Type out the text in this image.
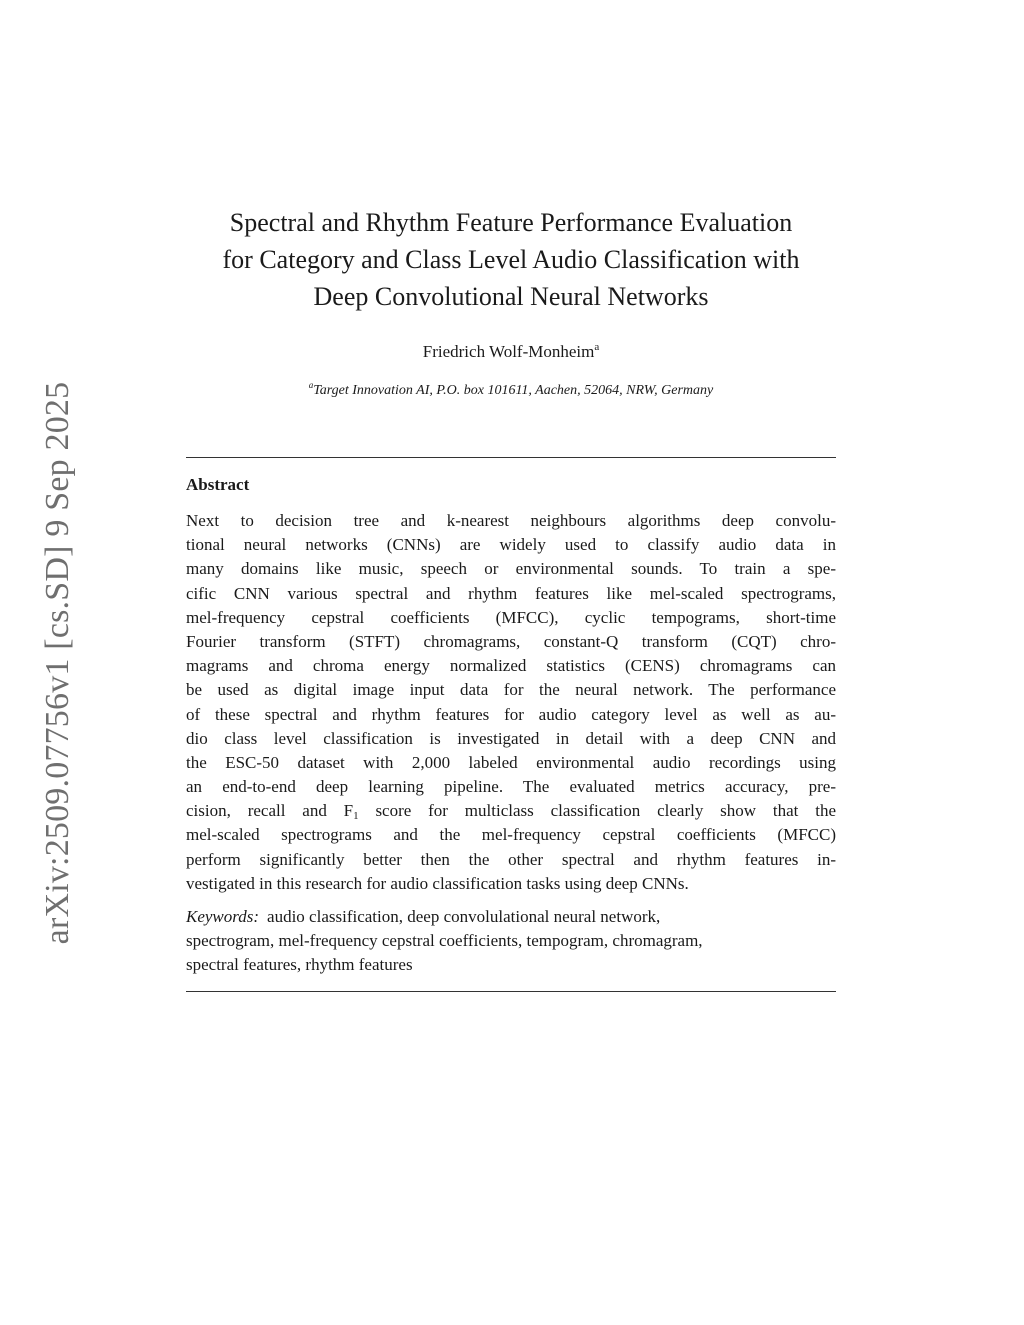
arXiv:2509.07756v1 [cs.SD] 9 Sep 2025
Spectral and Rhythm Feature Performance Evaluation
for Category and Class Level Audio Classification with
Deep Convolutional Neural Networks
Friedrich Wolf-Monheim$^a$
$^a$Target Innovation AI, P.O. box 101611, Aachen, 52064, NRW, Germany
Abstract
Next to decision tree and k-nearest neighbours algorithms deep convolu-
tional neural networks (CNNs) are widely used to classify audio data in
many domains like music, speech or environmental sounds. To train a spe-
cific CNN various spectral and rhythm features like mel-scaled spectrograms,
mel-frequency cepstral coefficients (MFCC), cyclic tempograms, short-time
Fourier transform (STFT) chromagrams, constant-Q transform (CQT) chro-
magrams and chroma energy normalized statistics (CENS) chromagrams can
be used as digital image input data for the neural network. The performance
of these spectral and rhythm features for audio category level as well as au-
dio class level classification is investigated in detail with a deep CNN and
the ESC-50 dataset with 2,000 labeled environmental audio recordings using
an end-to-end deep learning pipeline. The evaluated metrics accuracy, pre-
cision, recall and $F_1$ score for multiclass classification clearly show that the
mel-scaled spectrograms and the mel-frequency cepstral coefficients (MFCC)
perform significantly better then the other spectral and rhythm features in-
vestigated in this research for audio classification tasks using deep CNNs.
Keywords: audio classification, deep convolulational neural network,
spectrogram, mel-frequency cepstral coefficients, tempogram, chromagram,
spectral features, rhythm features
